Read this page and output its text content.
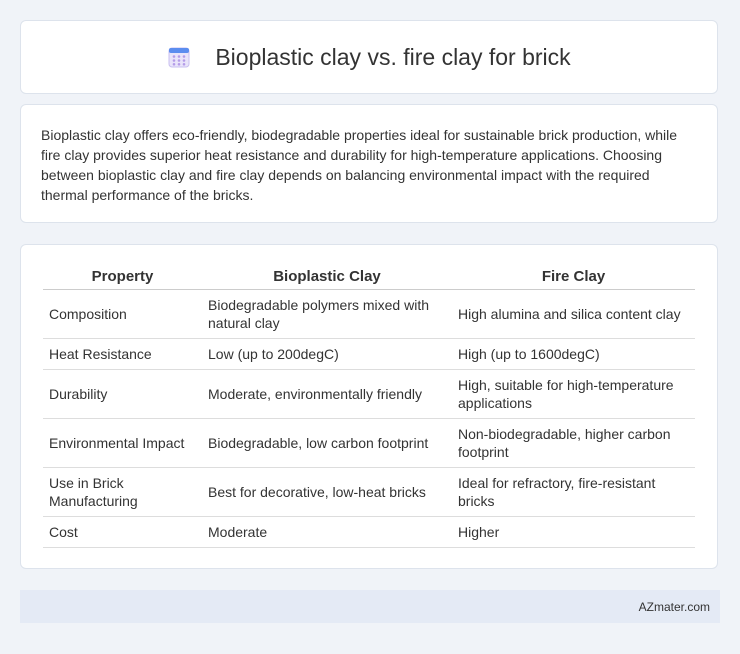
Bioplastic clay vs. fire clay for brick

Bioplastic clay offers eco-friendly, biodegradable properties ideal for sustainable brick production, while fire clay provides superior heat resistance and durability for high-temperature applications. Choosing between bioplastic clay and fire clay depends on balancing environmental impact with the required thermal performance of the bricks.

Property	Bioplastic Clay	Fire Clay
Composition	Biodegradable polymers mixed with natural clay	High alumina and silica content clay
Heat Resistance	Low (up to 200degC)	High (up to 1600degC)
Durability	Moderate, environmentally friendly	High, suitable for high-temperature applications
Environmental Impact	Biodegradable, low carbon footprint	Non-biodegradable, higher carbon footprint
Use in Brick Manufacturing	Best for decorative, low-heat bricks	Ideal for refractory, fire-resistant bricks
Cost	Moderate	Higher
AZmater.com
